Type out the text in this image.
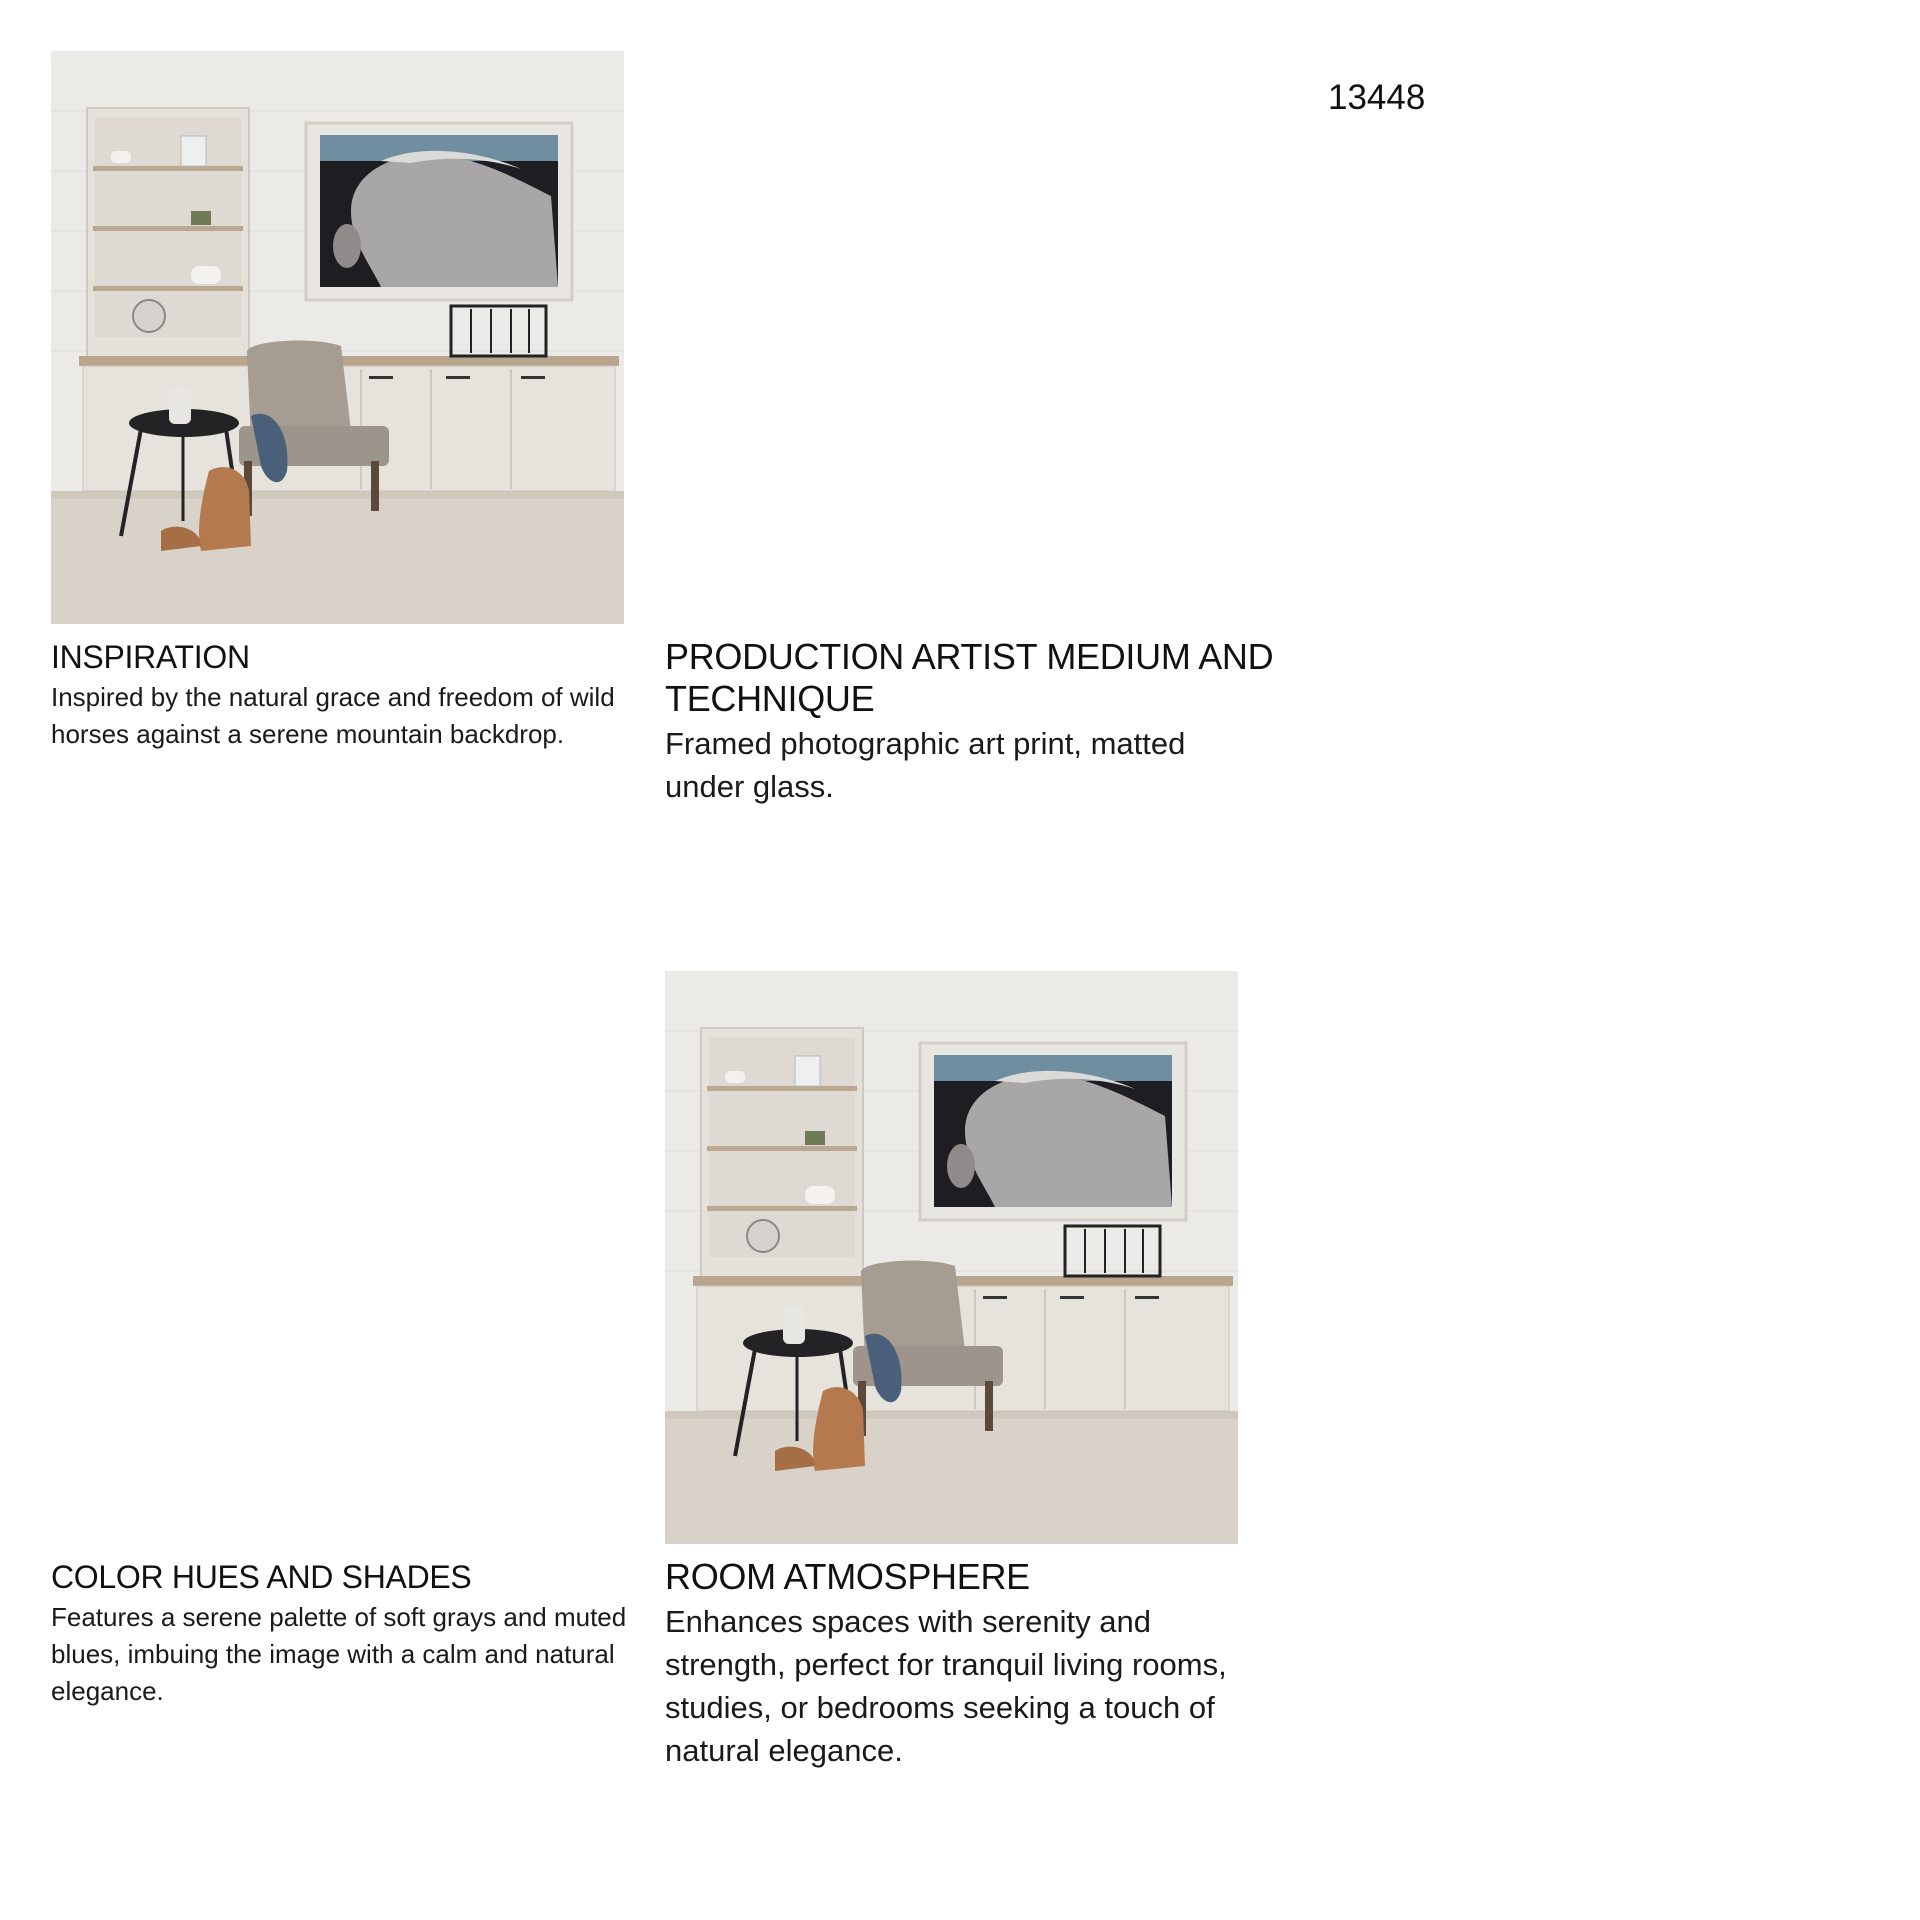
13448
INSPIRATION

Inspired by the natural grace and freedom of wild horses against a serene mountain backdrop.

PRODUCTION ARTIST MEDIUM AND TECHNIQUE

Framed photographic art print, matted under glass.

COLOR HUES AND SHADES

Features a serene palette of soft grays and muted blues, imbuing the image with a calm and natural elegance.

ROOM ATMOSPHERE

Enhances spaces with serenity and strength, perfect for tranquil living rooms, studies, or bedrooms seeking a touch of natural elegance.
